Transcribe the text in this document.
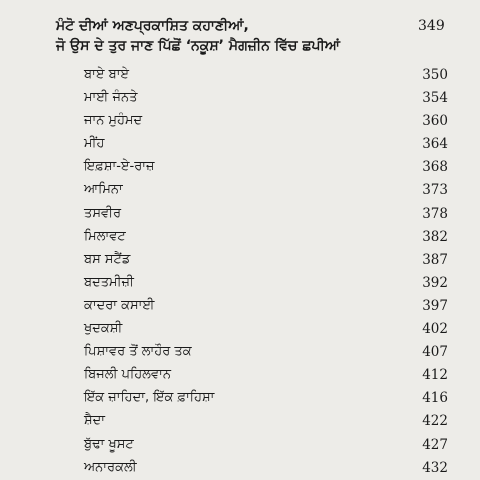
ਮੰਟੋ ਦੀਆਂ ਅਣਪ੍ਰਕਾਸ਼ਿਤ ਕਹਾਣੀਆਂ,
ਜੋ ਉਸ ਦੇ ਤੁਰ ਜਾਣ ਪਿੱਛੋਂ ‘ਨਕੂਸ਼’ ਮੈਗਜ਼ੀਨ ਵਿੱਚ ਛਪੀਆਂ
349
ਬਾਏ ਬਾਏ	350
ਮਾਈ ਜੰਨਤੇ	354
ਜਾਨ ਮੁਹੰਮਦ	360
ਮੀਂਹ	364
ਇਫ਼ਸ਼ਾ-ਏ-ਰਾਜ਼	368
ਆਮਿਨਾ	373
ਤਸਵੀਰ	378
ਮਿਲਾਵਟ	382
ਬਸ ਸਟੈਂਡ	387
ਬਦਤਮੀਜ਼ੀ	392
ਕਾਦਰਾ ਕਸਾਈ	397
ਖੁਦਕਸ਼ੀ	402
ਪਿਸ਼ਾਵਰ ਤੋਂ ਲਾਹੌਰ ਤਕ	407
ਬਿਜਲੀ ਪਹਿਲਵਾਨ	412
ਇੱਕ ਜ਼ਾਹਿਦਾ, ਇੱਕ ਫ਼ਾਹਿਸ਼ਾ	416
ਸ਼ੈਦਾ	422
ਬੁੱਢਾ ਖੂਸਟ	427
ਅਨਾਰਕਲੀ	432
